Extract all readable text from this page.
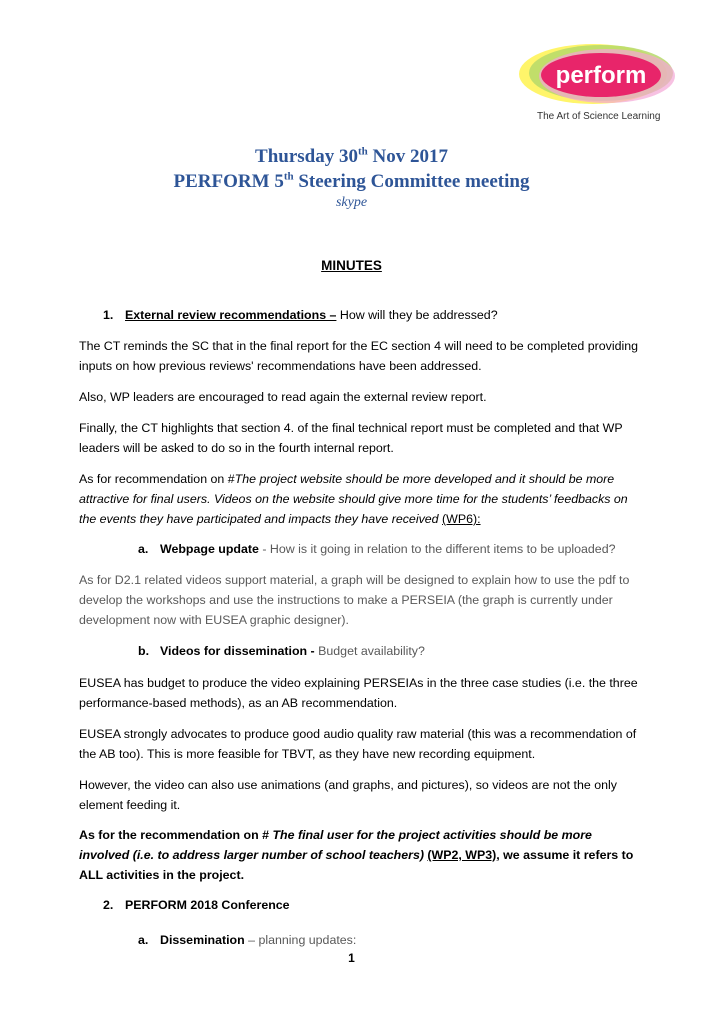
perform
The Art of Science Learning
Thursday 30th Nov 2017
PERFORM 5th Steering Committee meeting
skype
MINUTES
1. External review recommendations – How will they be addressed?
The CT reminds the SC that in the final report for the EC section 4 will need to be completed providing inputs on how previous reviews' recommendations have been addressed.
Also, WP leaders are encouraged to read again the external review report.
Finally, the CT highlights that section 4. of the final technical report must be completed and that WP leaders will be asked to do so in the fourth internal report.
As for recommendation on #The project website should be more developed and it should be more attractive for final users. Videos on the website should give more time for the students’ feedbacks on the events they have participated and impacts they have received (WP6):
a. Webpage update - How is it going in relation to the different items to be uploaded?
As for D2.1 related videos support material, a graph will be designed to explain how to use the pdf to develop the workshops and use the instructions to make a PERSEIA (the graph is currently under development now with EUSEA graphic designer).
b. Videos for dissemination - Budget availability?
EUSEA has budget to produce the video explaining PERSEIAs in the three case studies (i.e. the three performance-based methods), as an AB recommendation.
EUSEA strongly advocates to produce good audio quality raw material (this was a recommendation of the AB too). This is more feasible for TBVT, as they have new recording equipment.
However, the video can also use animations (and graphs, and pictures), so videos are not the only element feeding it.
As for the recommendation on # The final user for the project activities should be more involved (i.e. to address larger number of school teachers) (WP2, WP3), we assume it refers to ALL activities in the project.
2. PERFORM 2018 Conference
a. Dissemination – planning updates:
1
